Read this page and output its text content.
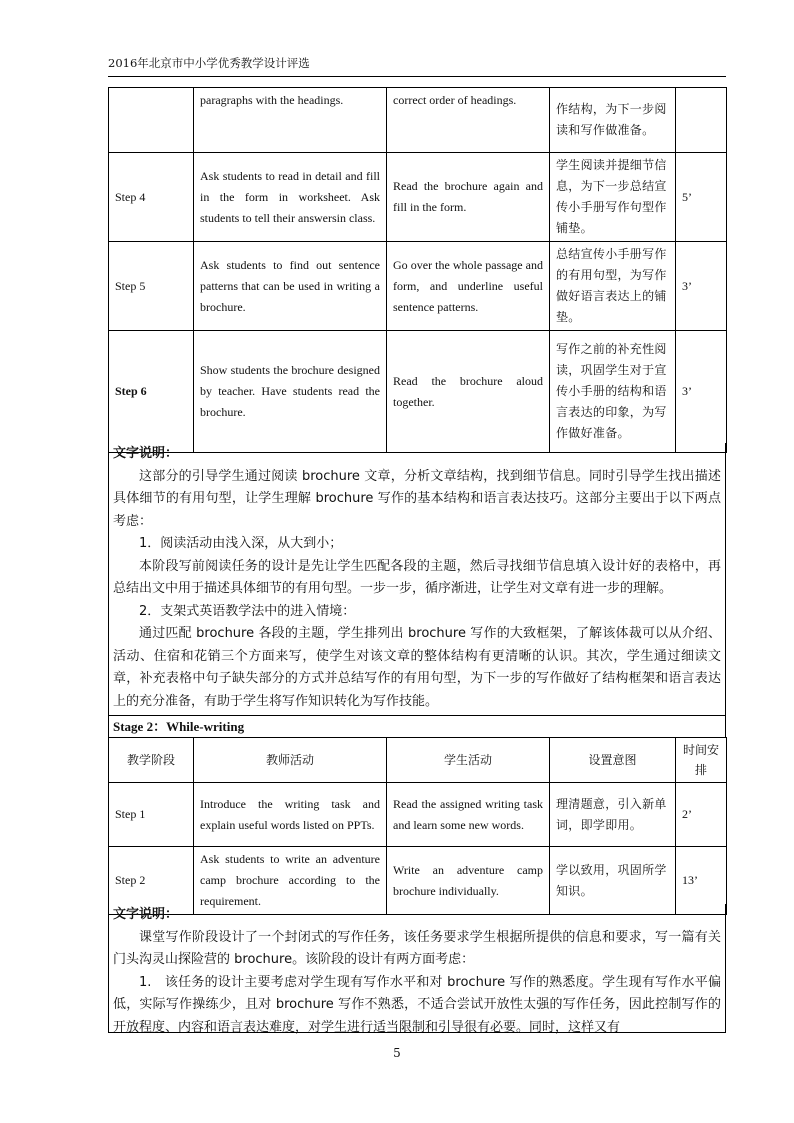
2016年北京市中小学优秀教学设计评选
	paragraphs with the headings.	correct order of headings.	作结构，为下一步阅读和写作做准备。	
Step 4	Ask students to read in detail and fill in the form in worksheet. Ask students to tell their answersin class.	Read the brochure again and fill in the form.	学生阅读并提细节信息，为下一步总结宣传小手册写作句型作铺垫。	5’
Step 5	Ask students to find out sentence patterns that can be used in writing a brochure.	Go over the whole passage and form, and underline useful sentence patterns.	总结宣传小手册写作的有用句型，为写作做好语言表达上的铺垫。	3’
Step 6	Show students the brochure designed by teacher. Have students read the brochure.	Read the brochure aloud together.	写作之前的补充性阅读，巩固学生对于宣传小手册的结构和语言表达的印象，为写作做好准备。	3’

文字说明：

这部分的引导学生通过阅读 brochure 文章，分析文章结构，找到细节信息。同时引导学生找出描述具体细节的有用句型，让学生理解 brochure 写作的基本结构和语言表达技巧。这部分主要出于以下两点考虑：

1．阅读活动由浅入深，从大到小；

本阶段写前阅读任务的设计是先让学生匹配各段的主题，然后寻找细节信息填入设计好的表格中，再总结出文中用于描述具体细节的有用句型。一步一步，循序渐进，让学生对文章有进一步的理解。

2．支架式英语教学法中的进入情境：

通过匹配 brochure 各段的主题，学生排列出 brochure 写作的大致框架，了解该体裁可以从介绍、活动、住宿和花销三个方面来写，使学生对该文章的整体结构有更清晰的认识。其次，学生通过细读文章，补充表格中句子缺失部分的方式并总结写作的有用句型，为下一步的写作做好了结构框架和语言表达上的充分准备，有助于学生将写作知识转化为写作技能。

Stage 2：While-writing
教学阶段	教师活动	学生活动	设置意图	时间安排
Step 1	Introduce the writing task and explain useful words listed on PPTs.	Read the assigned writing task and learn some new words.	理清题意，引入新单词，即学即用。	2’
Step 2	Ask students to write an adventure camp brochure according to the requirement.	Write an adventure camp brochure individually.	学以致用，巩固所学知识。	13’

文字说明：

课堂写作阶段设计了一个封闭式的写作任务，该任务要求学生根据所提供的信息和要求，写一篇有关门头沟灵山探险营的 brochure。该阶段的设计有两方面考虑：

1.　该任务的设计主要考虑对学生现有写作水平和对 brochure 写作的熟悉度。学生现有写作水平偏低，实际写作操练少，且对 brochure 写作不熟悉，不适合尝试开放性太强的写作任务，因此控制写作的开放程度、内容和语言表达难度，对学生进行适当限制和引导很有必要。同时，这样又有

5
